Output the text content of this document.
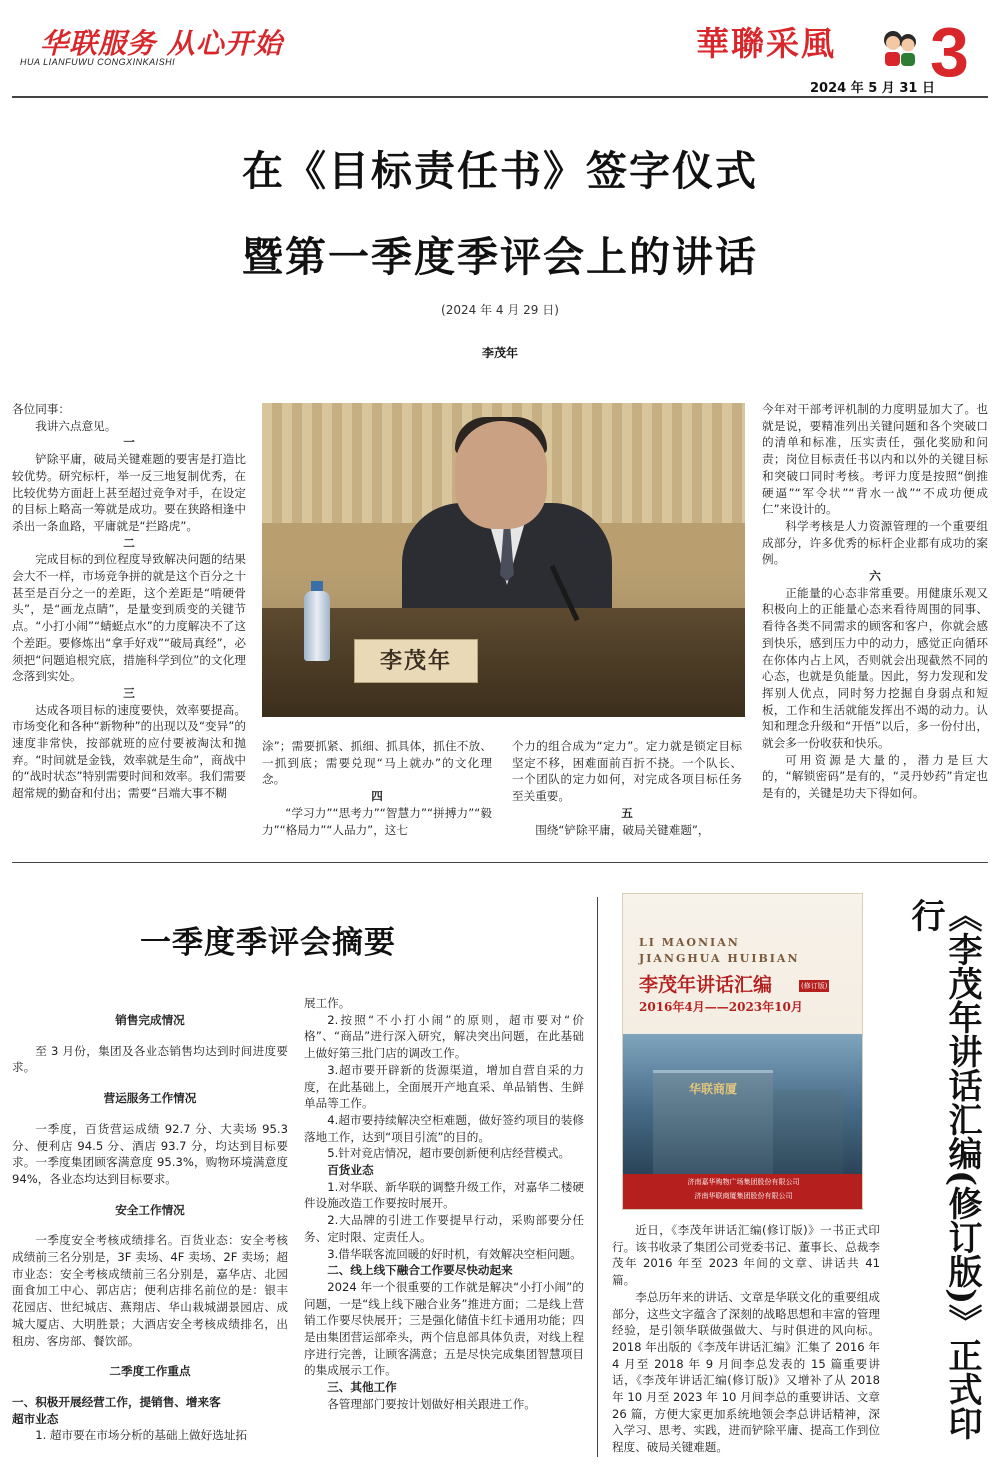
华联服务 从心开始
HUA LIANFUWU CONGXINKAISHI	華聯采風 3
2024 年 5 月 31 日
在《目标责任书》签字仪式
暨第一季度季评会上的讲话
(2024 年 4 月 29 日)
李茂年

各位同事：

我讲六点意见。

一

铲除平庸，破局关键难题的要害是打造比较优势。研究标杆，举一反三地复制优秀，在比较优势方面赶上甚至超过竞争对手，在设定的目标上略高一筹就是成功。要在狭路相逢中杀出一条血路，平庸就是“拦路虎”。

二

完成目标的到位程度导致解决问题的结果会大不一样，市场竞争拼的就是这个百分之十甚至是百分之一的差距，这个差距是“啃硬骨头”，是“画龙点睛”，是量变到质变的关键节点。“小打小闹”“蜻蜓点水”的力度解决不了这个差距。要修炼出“拿手好戏”“破局真经”，必须把“问题追根究底，措施科学到位”的文化理念落到实处。

三

达成各项目标的速度要快，效率要提高。市场变化和各种“新物种”的出现以及“变异”的速度非常快，按部就班的应付要被淘汰和抛弃。“时间就是金钱，效率就是生命”，商战中的“战时状态”特别需要时间和效率。我们需要超常规的勤奋和付出；需要“吕端大事不糊

李茂年

涂”；需要抓紧、抓细、抓具体，抓住不放、一抓到底；需要兑现“马上就办”的文化理念。

四

“学习力”“思考力”“智慧力”“拼搏力”“毅力”“格局力”“人品力”，这七

个力的组合成为“定力”。定力就是锁定目标坚定不移，困难面前百折不挠。一个队长、一个团队的定力如何，对完成各项目标任务至关重要。

五

围绕“铲除平庸，破局关键难题”，

今年对干部考评机制的力度明显加大了。也就是说，要精准列出关键问题和各个突破口的清单和标准，压实责任，强化奖励和问责；岗位目标责任书以内和以外的关键目标和突破口同时考核。考评力度是按照“倒推硬逼”“军令状”“背水一战”“不成功便成仁”来设计的。

科学考核是人力资源管理的一个重要组成部分，许多优秀的标杆企业都有成功的案例。

六

正能量的心态非常重要。用健康乐观又积极向上的正能量心态来看待周围的同事、看待各类不同需求的顾客和客户，你就会感到快乐，感到压力中的动力，感觉正向循环在你体内占上风，否则就会出现截然不同的心态，也就是负能量。因此，努力发现和发挥别人优点，同时努力挖掘自身弱点和短板，工作和生活就能发挥出不竭的动力。认知和理念升级和“开悟”以后，多一份付出，就会多一份收获和快乐。

可用资源是大量的，潜力是巨大的，“解锁密码”是有的，“灵丹妙药”肯定也是有的，关键是功夫下得如何。

一季度季评会摘要
销售完成情况

至 3 月份，集团及各业态销售均达到时间进度要求。

营运服务工作情况

一季度，百货营运成绩 92.7 分、大卖场 95.3 分、便利店 94.5 分、酒店 93.7 分，均达到目标要求。一季度集团顾客满意度 95.3%，购物环境满意度 94%，各业态均达到目标要求。

安全工作情况

一季度安全考核成绩排名。百货业态：安全考核成绩前三名分别是，3F 卖场、4F 卖场、2F 卖场；超市业态：安全考核成绩前三名分别是，嘉华店、北园面食加工中心、郭店店；便利店排名前位的是：银丰花园店、世纪城店、燕翔店、华山栽城湖景园店、成城大厦店、大明胜景；大酒店安全考核成绩排名，出租房、客房部、餐饮部。

二季度工作重点
一、积极开展经营工作，提销售、增来客
超市业态

1. 超市要在市场分析的基础上做好选址拓

展工作。

2.按照“不小打小闹”的原则，超市要对“价格”、“商品”进行深入研究，解决突出问题，在此基础上做好第三批门店的调改工作。

3.超市要开辟新的货源渠道，增加自营自采的力度，在此基础上，全面展开产地直采、单品销售、生鲜单品等工作。

4.超市要持续解决空柜难题，做好签约项目的装修落地工作，达到“项目引流”的目的。

5.针对竞店情况，超市要创新便利店经营模式。

百货业态

1.对华联、新华联的调整升级工作，对嘉华二楼硬件设施改造工作要按时展开。

2.大品牌的引进工作要提早行动，采购部要分任务、定时限、定责任人。

3.借华联客流回暖的好时机，有效解决空柜问题。

二、线上线下融合工作要尽快动起来

2024 年一个很重要的工作就是解决“小打小闹”的问题，一是“线上线下融合业务”推进方面；二是线上营销工作要尽快展开；三是强化储值卡红卡通用功能；四是由集团营运部牵头，两个信息部具体负责，对线上程序进行完善，让顾客满意；五是尽快完成集团智慧项目的集成展示工作。

三、其他工作

各管理部门要按计划做好相关跟进工作。

LI MAONIAN
JIANGHUA HUIBIAN
李茂年讲话汇编	(修订版)
2016年4月——2023年10月
华联商厦
济南嘉华购物广场集团股份有限公司
济南华联商厦集团股份有限公司

近日，《李茂年讲话汇编(修订版)》一书正式印行。该书收录了集团公司党委书记、董事长、总裁李茂年 2016 年至 2023 年间的文章、讲话共 41 篇。

李总历年来的讲话、文章是华联文化的重要组成部分，这些文字蕴含了深刻的战略思想和丰富的管理经验，是引领华联做强做大、与时俱进的风向标。2018 年出版的《李茂年讲话汇编》汇集了 2016 年 4 月至 2018 年 9 月间李总发表的 15 篇重要讲话，《李茂年讲话汇编(修订版)》又增补了从 2018 年 10 月至 2023 年 10 月间李总的重要讲话、文章 26 篇，方便大家更加系统地领会李总讲话精神，深入学习、思考、实践，进而铲除平庸、提高工作到位程度、破局关键难题。

《李茂年讲话汇编(修订版)》正式印行
